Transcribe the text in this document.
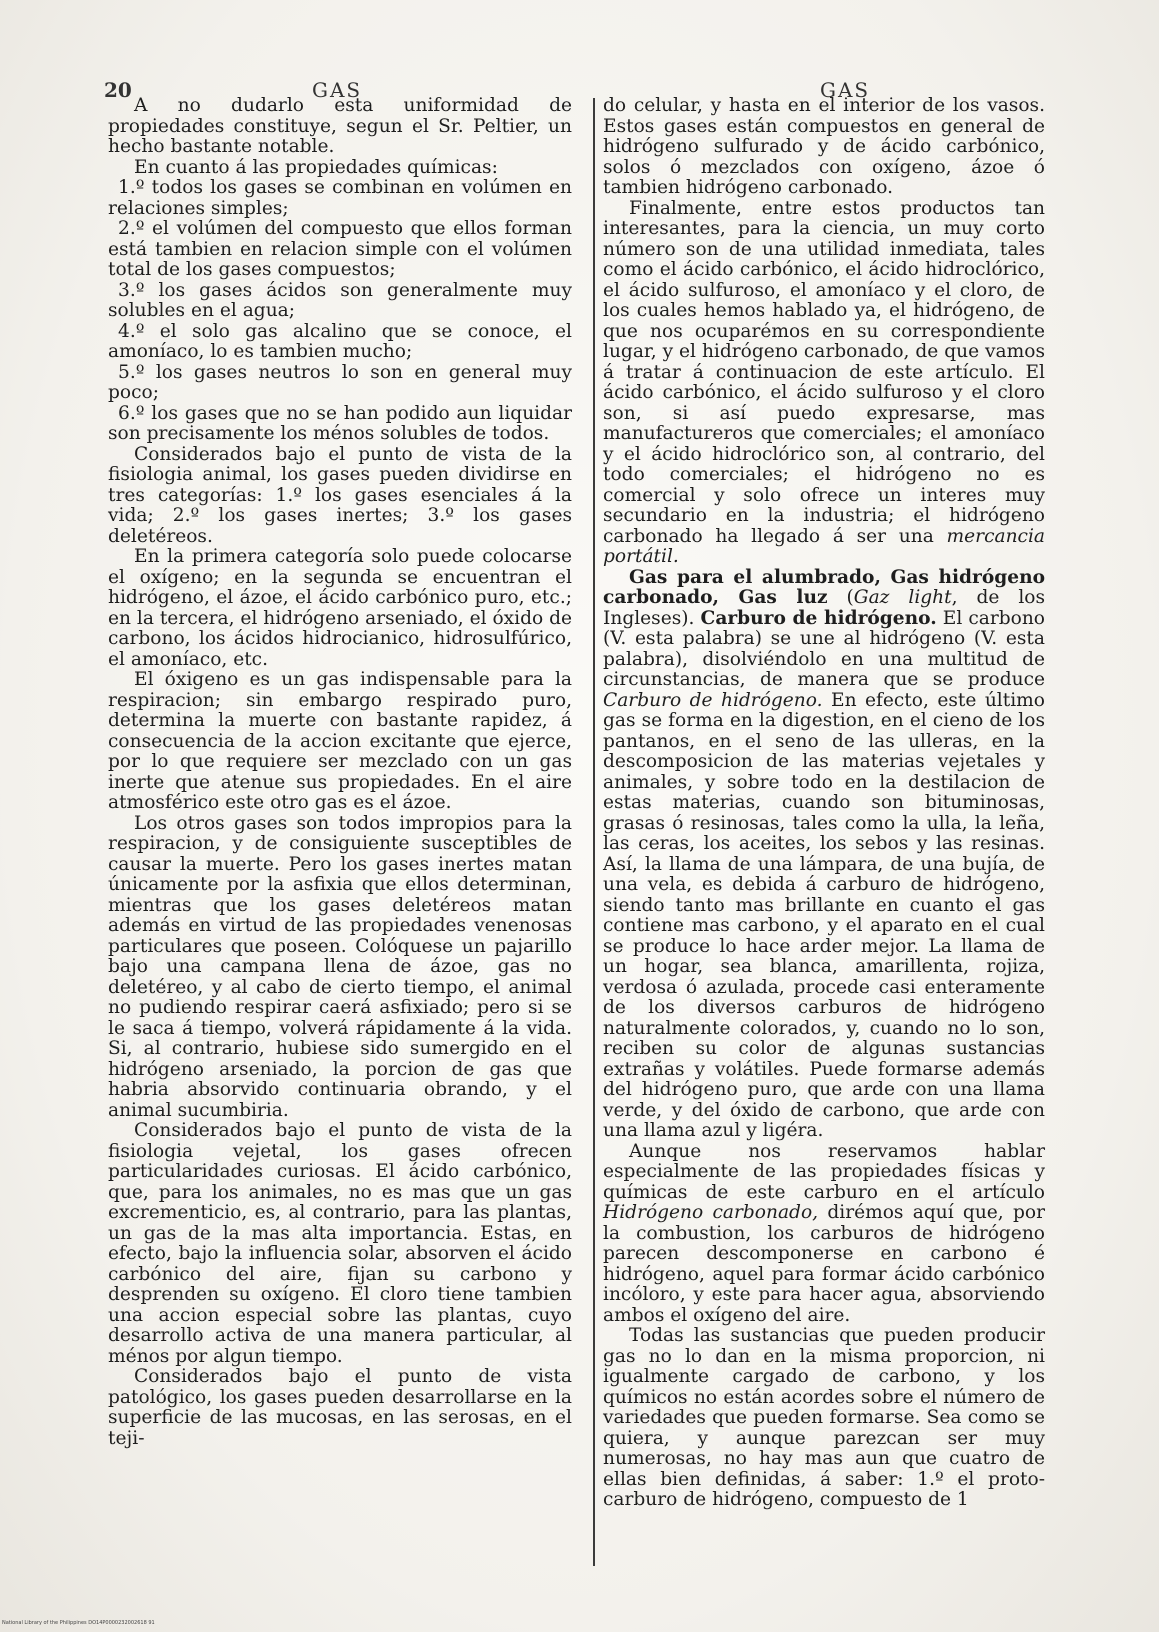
20	GAS	GAS

A no dudarlo esta uniformidad de propiedades constituye, segun el Sr. Peltier, un hecho bastante notable.

En cuanto á las propiedades químicas:

1.º todos los gases se combinan en volúmen en relaciones simples;

2.º el volúmen del compuesto que ellos forman está tambien en relacion simple con el volúmen total de los gases compuestos;

3.º los gases ácidos son generalmente muy solubles en el agua;

4.º el solo gas alcalino que se conoce, el amoníaco, lo es tambien mucho;

5.º los gases neutros lo son en general muy poco;

6.º los gases que no se han podido aun liquidar son precisamente los ménos solubles de todos.

Considerados bajo el punto de vista de la fisiologia animal, los gases pueden dividirse en tres categorías: 1.º los gases esenciales á la vida; 2.º los gases inertes; 3.º los gases deletéreos.

En la primera categoría solo puede colocarse el oxígeno; en la segunda se encuentran el hidrógeno, el ázoe, el ácido carbónico puro, etc.; en la tercera, el hidrógeno arseniado, el óxido de carbono, los ácidos hidrocianico, hidrosulfúrico, el amoníaco, etc.

El óxigeno es un gas indispensable para la respiracion; sin embargo respirado puro, determina la muerte con bastante rapidez, á consecuencia de la accion excitante que ejerce, por lo que requiere ser mezclado con un gas inerte que atenue sus propiedades. En el aire atmosférico este otro gas es el ázoe.

Los otros gases son todos impropios para la respiracion, y de consiguiente susceptibles de causar la muerte. Pero los gases inertes matan únicamente por la asfixia que ellos determinan, mientras que los gases deletéreos matan además en virtud de las propiedades venenosas particulares que poseen. Colóquese un pajarillo bajo una campana llena de ázoe, gas no deletéreo, y al cabo de cierto tiempo, el animal no pudiendo respirar caerá asfixiado; pero si se le saca á tiempo, volverá rápidamente á la vida. Si, al contrario, hubiese sido sumergido en el hidrógeno arseniado, la porcion de gas que habria absorvido continuaria obrando, y el animal sucumbiria.

Considerados bajo el punto de vista de la fisiologia vejetal, los gases ofrecen particularidades curiosas. El ácido carbónico, que, para los animales, no es mas que un gas excrementicio, es, al contrario, para las plantas, un gas de la mas alta importancia. Estas, en efecto, bajo la influencia solar, absorven el ácido carbónico del aire, fijan su carbono y desprenden su oxígeno. El cloro tiene tambien una accion especial sobre las plantas, cuyo desarrollo activa de una manera particular, al ménos por algun tiempo.

Considerados bajo el punto de vista patológico, los gases pueden desarrollarse en la superficie de las mucosas, en las serosas, en el teji-

do celular, y hasta en el interior de los vasos. Estos gases están compuestos en general de hidrógeno sulfurado y de ácido carbónico, solos ó mezclados con oxígeno, ázoe ó tambien hidrógeno carbonado.

Finalmente, entre estos productos tan interesantes, para la ciencia, un muy corto número son de una utilidad inmediata, tales como el ácido carbónico, el ácido hidroclórico, el ácido sulfuroso, el amoníaco y el cloro, de los cuales hemos hablado ya, el hidrógeno, de que nos ocuparémos en su correspondiente lugar, y el hidrógeno carbonado, de que vamos á tratar á continuacion de este artículo. El ácido carbónico, el ácido sulfuroso y el cloro son, si así puedo expresarse, mas manufactureros que comerciales; el amoníaco y el ácido hidroclórico son, al contrario, del todo comerciales; el hidrógeno no es comercial y solo ofrece un interes muy secundario en la industria; el hidrógeno carbonado ha llegado á ser una mercancia portátil.

Gas para el alumbrado, Gas hidrógeno carbonado, Gas luz (Gaz light, de los Ingleses). Carburo de hidrógeno. El carbono (V. esta palabra) se une al hidrógeno (V. esta palabra), disolviéndolo en una multitud de circunstancias, de manera que se produce Carburo de hidrógeno. En efecto, este último gas se forma en la digestion, en el cieno de los pantanos, en el seno de las ulleras, en la descomposicion de las materias vejetales y animales, y sobre todo en la destilacion de estas materias, cuando son bituminosas, grasas ó resinosas, tales como la ulla, la leña, las ceras, los aceites, los sebos y las resinas. Así, la llama de una lámpara, de una bujía, de una vela, es debida á carburo de hidrógeno, siendo tanto mas brillante en cuanto el gas contiene mas carbono, y el aparato en el cual se produce lo hace arder mejor. La llama de un hogar, sea blanca, amarillenta, rojiza, verdosa ó azulada, procede casi enteramente de los diversos carburos de hidrógeno naturalmente colorados, y, cuando no lo son, reciben su color de algunas sustancias extrañas y volátiles. Puede formarse además del hidrógeno puro, que arde con una llama verde, y del óxido de carbono, que arde con una llama azul y ligéra.

Aunque nos reservamos hablar especialmente de las propiedades físicas y químicas de este carburo en el artículo Hidrógeno carbonado, dirémos aquí que, por la combustion, los carburos de hidrógeno parecen descomponerse en carbono é hidrógeno, aquel para formar ácido carbónico incóloro, y este para hacer agua, absorviendo ambos el oxígeno del aire.

Todas las sustancias que pueden producir gas no lo dan en la misma proporcion, ni igualmente cargado de carbono, y los químicos no están acordes sobre el número de variedades que pueden formarse. Sea como se quiera, y aunque parezcan ser muy numerosas, no hay mas aun que cuatro de ellas bien definidas, á saber: 1.º el proto-carburo de hidrógeno, compuesto de 1

National Library of the Philippines DO14P0000232002618 91
